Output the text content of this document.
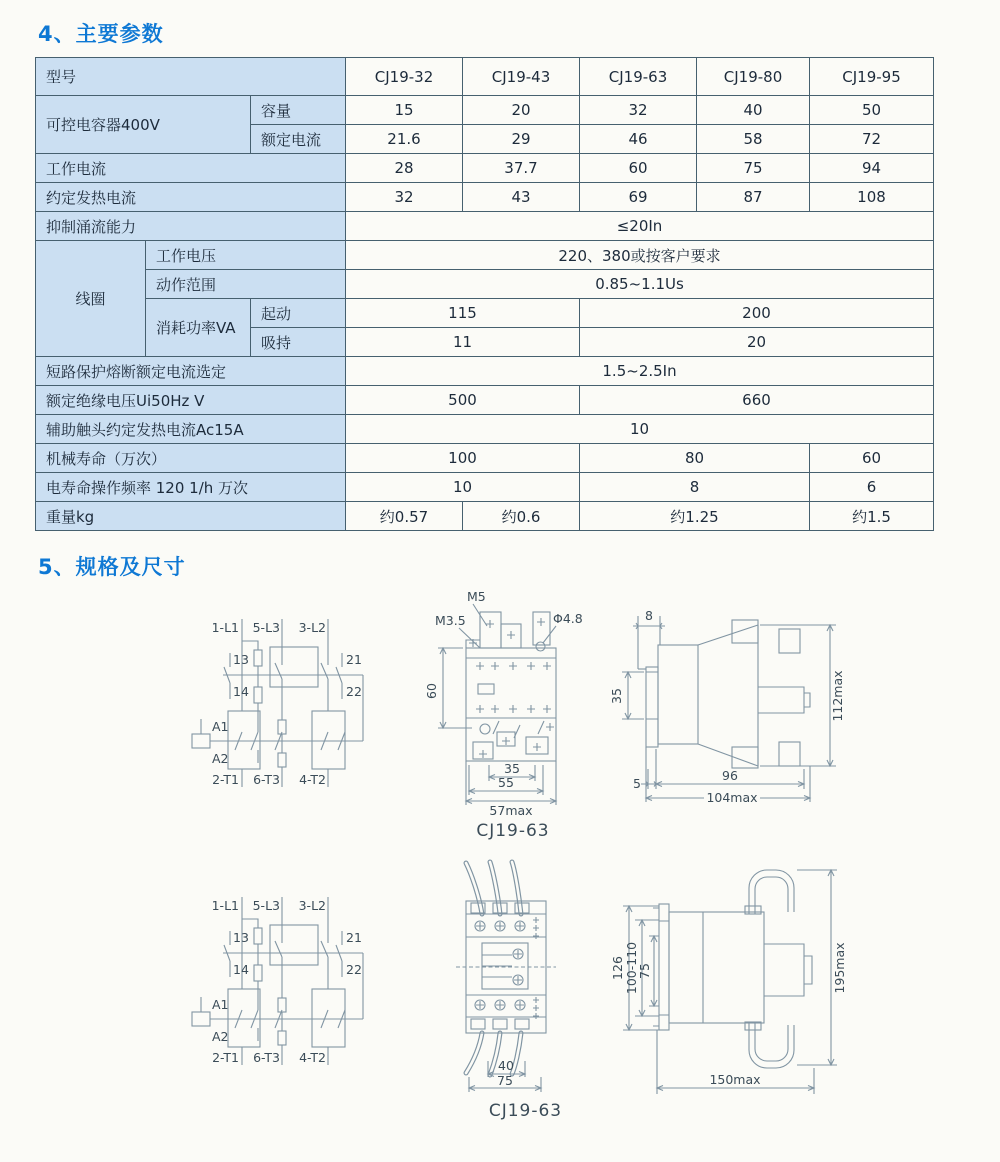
4、主要参数
型号			CJ19-32	CJ19-43	CJ19-63	CJ19-80	CJ19-95
可控电容器400V		容量	15	20	32	40	50
		额定电流	21.6	29	46	58	72
工作电流			28	37.7	60	75	94
约定发热电流			32	43	69	87	108
抑制涌流能力			≤20In				
线圈	工作电压		220、380或按客户要求				
	动作范围		0.85~1.1Us				
	消耗功率VA	起动	115		200		
		吸持	11		20		
短路保护熔断额定电流选定			1.5~2.5In				
额定绝缘电压Ui50Hz V			500		660		
辅助触头约定发热电流Ac15A			10				
机械寿命（万次）			100		80		60
电寿命操作频率 120 1/h 万次			10		8		6
重量kg			约0.57	约0.6	约1.25		约1.5
5、规格及尺寸
1-L1 5-L3 3-L2
13
14
21
22
A1
A2
2-T1 6-T3 4-T2
M5
M3.5	Φ4.8
60
35
55
57max
CJ19-63
8
35
5
96
104max
112max
1-L1 5-L3 3-L2
13
14
21
22
A1
A2
2-T1 6-T3 4-T2
40
75
CJ19-63
126 100-110
75	195max
150max
